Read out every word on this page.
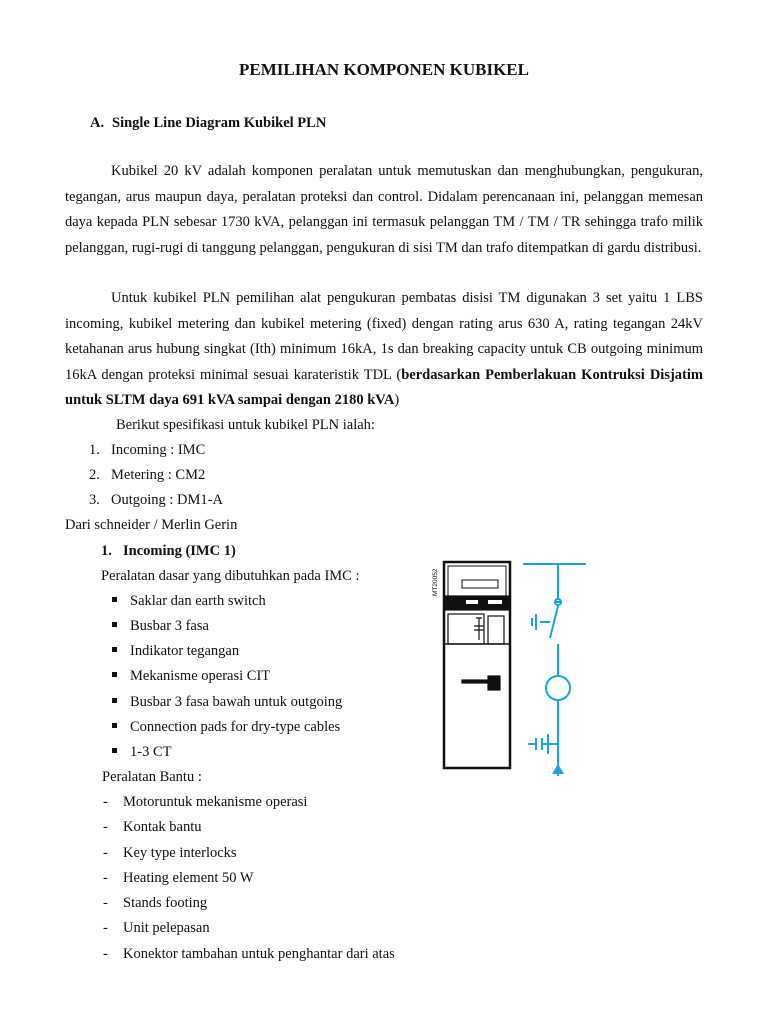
PEMILIHAN KOMPONEN KUBIKEL
A. Single Line Diagram Kubikel PLN
Kubikel 20 kV adalah komponen peralatan untuk memutuskan dan menghubungkan, pengukuran, tegangan, arus maupun daya, peralatan proteksi dan control. Didalam perencanaan ini, pelanggan memesan daya kepada PLN sebesar 1730 kVA, pelanggan ini termasuk pelanggan TM / TM / TR sehingga trafo milik pelanggan, rugi-rugi di tanggung pelanggan, pengukuran di sisi TM dan trafo ditempatkan di gardu distribusi.
Untuk kubikel PLN pemilihan alat pengukuran pembatas disisi TM digunakan 3 set yaitu 1 LBS incoming, kubikel metering dan kubikel metering (fixed) dengan rating arus 630 A, rating tegangan 24kV ketahanan arus hubung singkat (Ith) minimum 16kA, 1s dan breaking capacity untuk CB outgoing minimum 16kA dengan proteksi minimal sesuai karateristik TDL (berdasarkan Pemberlakuan Kontruksi Disjatim untuk SLTM daya 691 kVA sampai dengan 2180 kVA)
Berikut spesifikasi untuk kubikel PLN ialah:
1. Incoming : IMC
2. Metering : CM2
3. Outgoing : DM1-A
Dari schneider / Merlin Gerin
1. Incoming (IMC 1)
Peralatan dasar yang dibutuhkan pada IMC :
Saklar dan earth switch
Busbar 3 fasa
Indikator tegangan
Mekanisme operasi CIT
Busbar 3 fasa bawah untuk outgoing
Connection pads for dry-type cables
1-3 CT
Peralatan Bantu :
- Motoruntuk mekanisme operasi
- Kontak bantu
- Key type interlocks
- Heating element 50 W
- Stands footing
- Unit pelepasan
- Konektor tambahan untuk penghantar dari atas
MT20052
